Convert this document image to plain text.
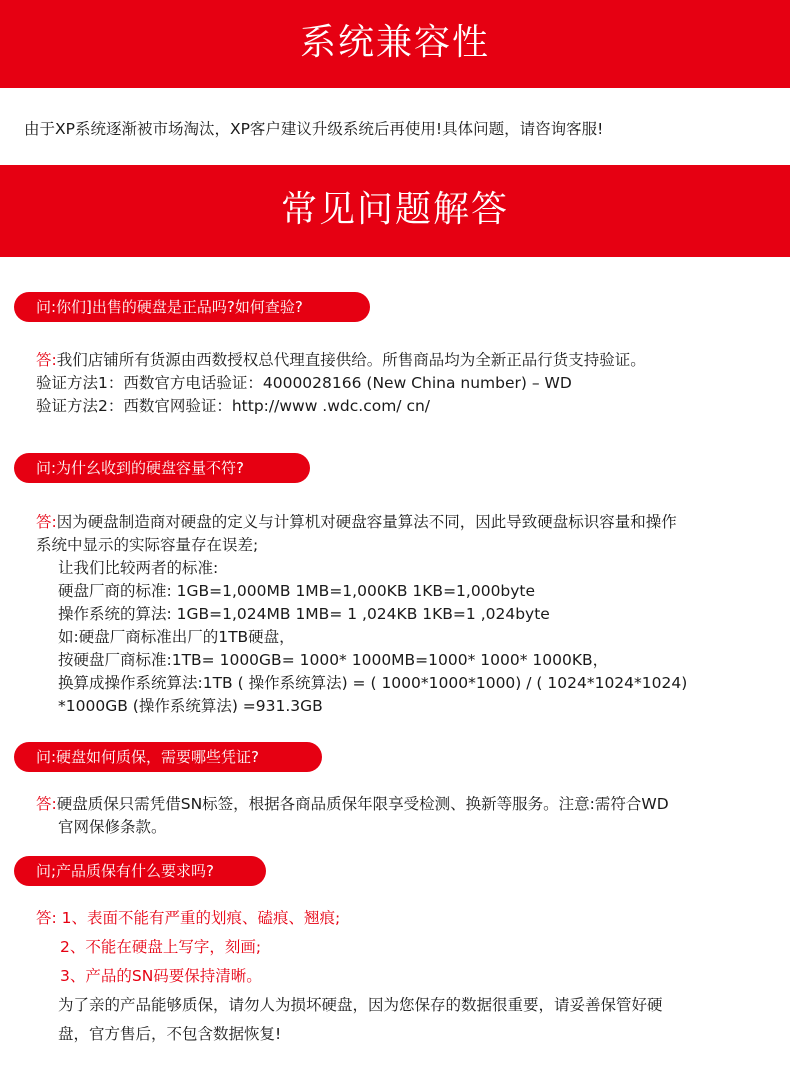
系统兼容性
由于XP系统逐渐被市场淘汰，XP客户建议升级系统后再使用!具体问题，请咨询客服!
常见问题解答
问:你们]出售的硬盘是正品吗?如何查验?
答:我们店铺所有货源由西数授权总代理直接供给。所售商品均为全新正品行货支持验证。
验证方法1：西数官方电话验证：4000028166 (New China number) – WD
验证方法2：西数官网验证：http://www .wdc.com/ cn/
问:为什幺收到的硬盘容量不符?
答:因为硬盘制造商对硬盘的定义与计算机对硬盘容量算法不同，因此导致硬盘标识容量和操作
系统中显示的实际容量存在误差;
让我们比较两者的标准:
硬盘厂商的标准: 1GB=1,000MB 1MB=1,000KB 1KB=1,000byte
操作系统的算法: 1GB=1,024MB 1MB= 1 ,024KB 1KB=1 ,024byte
如:硬盘厂商标准出厂的1TB硬盘，
按硬盘厂商标准:1TB= 1000GB= 1000* 1000MB=1000* 1000* 1000KB，
换算成操作系统算法:1TB ( 操作系统算法) = ( 1000*1000*1000) / ( 1024*1024*1024)
*1000GB (操作系统算法) =931.3GB
问:硬盘如何质保，需要哪些凭证?
答:硬盘质保只需凭借SN标签，根据各商品质保年限享受检测、换新等服务。注意:需符合WD
官网保修条款。
问;产品质保有什么要求吗?
答: 1、表面不能有严重的划痕、磕痕、翘痕;
2、不能在硬盘上写字，刻画;
3、产品的SN码要保持清晰。
为了亲的产品能够质保，请勿人为损坏硬盘，因为您保存的数据很重要，请妥善保管好硬
盘，官方售后，不包含数据恢复!
